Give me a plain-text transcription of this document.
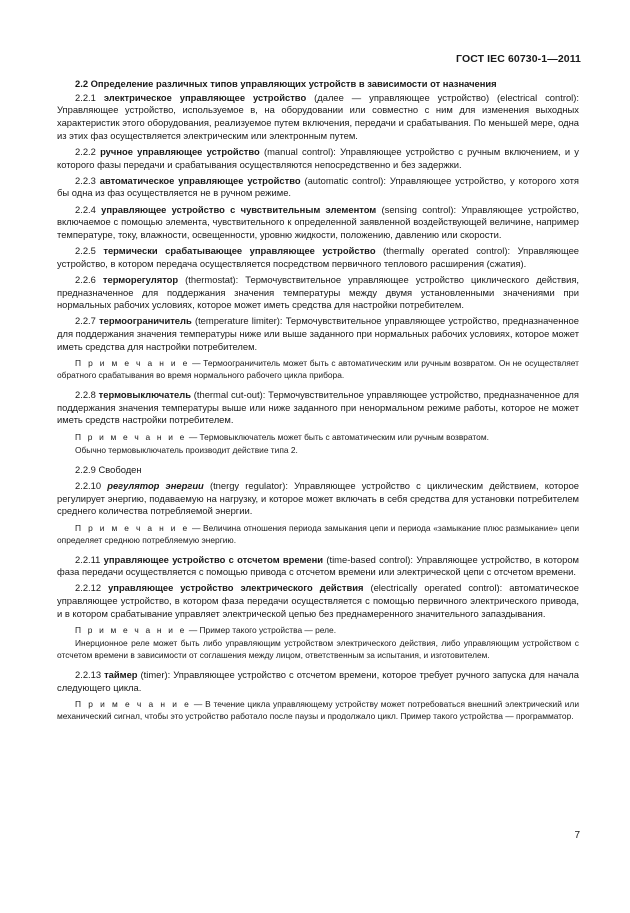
ГОСТ IEC 60730-1—2011

2.2 Определение различных типов управляющих устройств в зависимости от назначения

2.2.1 электрическое управляющее устройство (далее — управляющее устройство) (electrical control): Управляющее устройство, используемое в, на оборудовании или совместно с ним для изменения выходных характеристик этого оборудования, реализуемое путем включения, передачи и срабатывания. По меньшей мере, одна из этих фаз осуществляется электрическим или электронным путем.

2.2.2 ручное управляющее устройство (manual control): Управляющее устройство с ручным включением, и у которого фазы передачи и срабатывания осуществляются непосредственно и без задержки.

2.2.3 автоматическое управляющее устройство (automatic control): Управляющее устройство, у которого хотя бы одна из фаз осуществляется не в ручном режиме.

2.2.4 управляющее устройство с чувствительным элементом (sensing control): Управляющее устройство, включаемое с помощью элемента, чувствительного к определенной заявленной воздействующей величине, например температуре, току, влажности, освещенности, уровню жидкости, положению, давлению или скорости.

2.2.5 термически срабатывающее управляющее устройство (thermally operated control): Управляющее устройство, в котором передача осуществляется посредством первичного теплового расширения (сжатия).

2.2.6 терморегулятор (thermostat): Термочувствительное управляющее устройство циклического действия, предназначенное для поддержания значения температуры между двумя установленными значениями при нормальных рабочих условиях, которое может иметь средства для настройки потребителем.

2.2.7 термоограничитель (temperature limiter): Термочувствительное управляющее устройство, предназначенное для поддержания значения температуры ниже или выше заданного при нормальных рабочих условиях, которое может иметь средства для настройки потребителем.

П р и м е ч а н и е — Термоограничитель может быть с автоматическим или ручным возвратом. Он не осуществляет обратного срабатывания во время нормального рабочего цикла прибора.

2.2.8 термовыключатель (thermal cut-out): Термочувствительное управляющее устройство, предназначенное для поддержания значения температуры выше или ниже заданного при ненормальном режиме работы, которое не может иметь средств настройки потребителем.

П р и м е ч а н и е — Термовыключатель может быть с автоматическим или ручным возвратом.

Обычно термовыключатель производит действие типа 2.

2.2.9 Свободен

2.2.10 регулятор энергии (tnergy regulator): Управляющее устройство с циклическим действием, которое регулирует энергию, подаваемую на нагрузку, и которое может включать в себя средства для установки потребителем среднего количества потребляемой энергии.

П р и м е ч а н и е — Величина отношения периода замыкания цепи и периода «замыкание плюс размыкание» цепи определяет среднюю потребляемую энергию.

2.2.11 управляющее устройство с отсчетом времени (time-based control): Управляющее устройство, в котором фаза передачи осуществляется с помощью привода с отсчетом времени или электрической цепи с отсчетом времени.

2.2.12 управляющее устройство электрического действия (electrically operated control): автоматическое управляющее устройство, в котором фаза передачи осуществляется с помощью первичного электрического привода, и в котором срабатывание управляет электрической цепью без преднамеренного значительного запаздывания.

П р и м е ч а н и е — Пример такого устройства — реле.

Инерционное реле может быть либо управляющим устройством электрического действия, либо управляющим устройством с отсчетом времени в зависимости от соглашения между лицом, ответственным за испытания, и изготовителем.

2.2.13 таймер (timer): Управляющее устройство с отсчетом времени, которое требует ручного запуска для начала следующего цикла.

П р и м е ч а н и е — В течение цикла управляющему устройству может потребоваться внешний электрический или механический сигнал, чтобы это устройство работало после паузы и продолжало цикл. Пример такого устройства — программатор.

7
